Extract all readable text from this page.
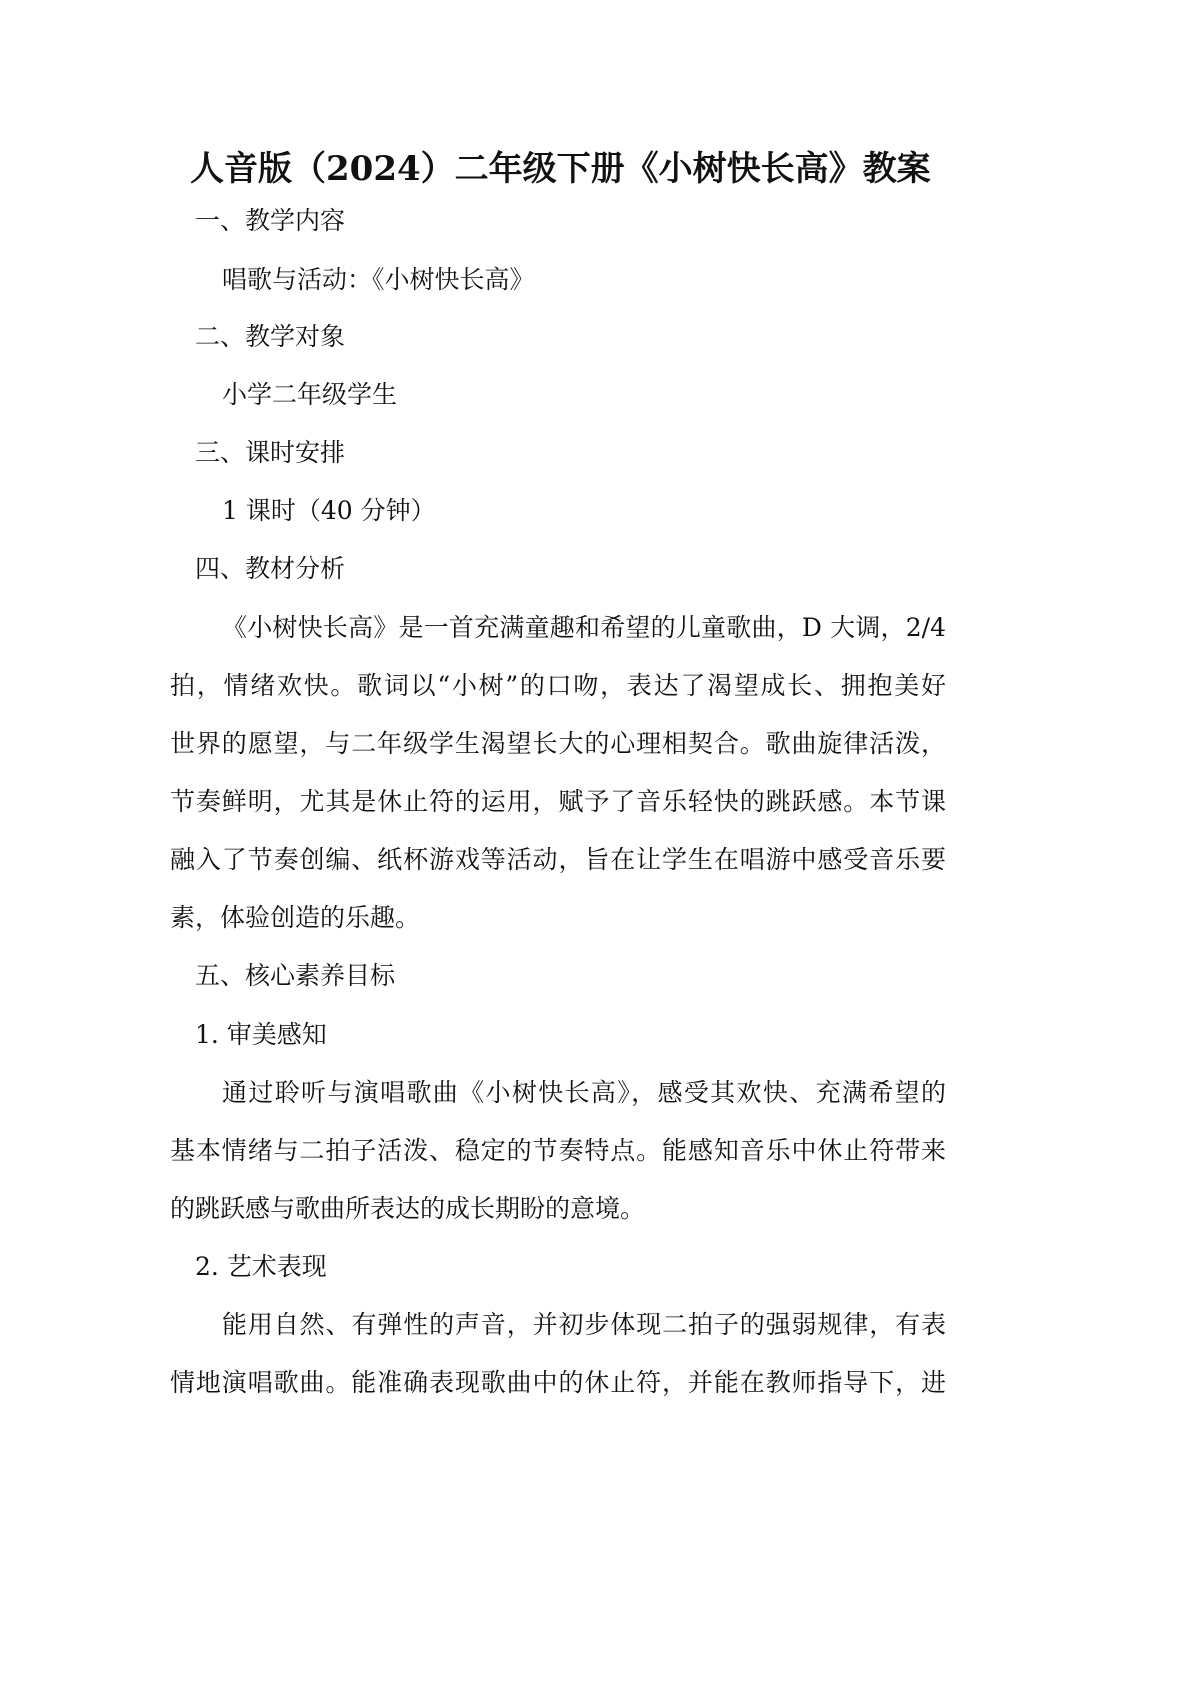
人音版（2024）二年级下册《小树快长高》教案
一、教学内容
唱歌与活动：《小树快长高》
二、教学对象
小学二年级学生
三、课时安排
1 课时（40 分钟）
四、教材分析
《小树快长高》是一首充满童趣和希望的儿童歌曲，D 大调，2/4
拍，情绪欢快。歌词以“小树”的口吻，表达了渴望成长、拥抱美好
世界的愿望，与二年级学生渴望长大的心理相契合。歌曲旋律活泼，
节奏鲜明，尤其是休止符的运用，赋予了音乐轻快的跳跃感。本节课
融入了节奏创编、纸杯游戏等活动，旨在让学生在唱游中感受音乐要
素，体验创造的乐趣。
五、核心素养目标
1. 审美感知
通过聆听与演唱歌曲《小树快长高》，感受其欢快、充满希望的
基本情绪与二拍子活泼、稳定的节奏特点。能感知音乐中休止符带来
的跳跃感与歌曲所表达的成长期盼的意境。
2. 艺术表现
能用自然、有弹性的声音，并初步体现二拍子的强弱规律，有表
情地演唱歌曲。能准确表现歌曲中的休止符，并能在教师指导下，进
